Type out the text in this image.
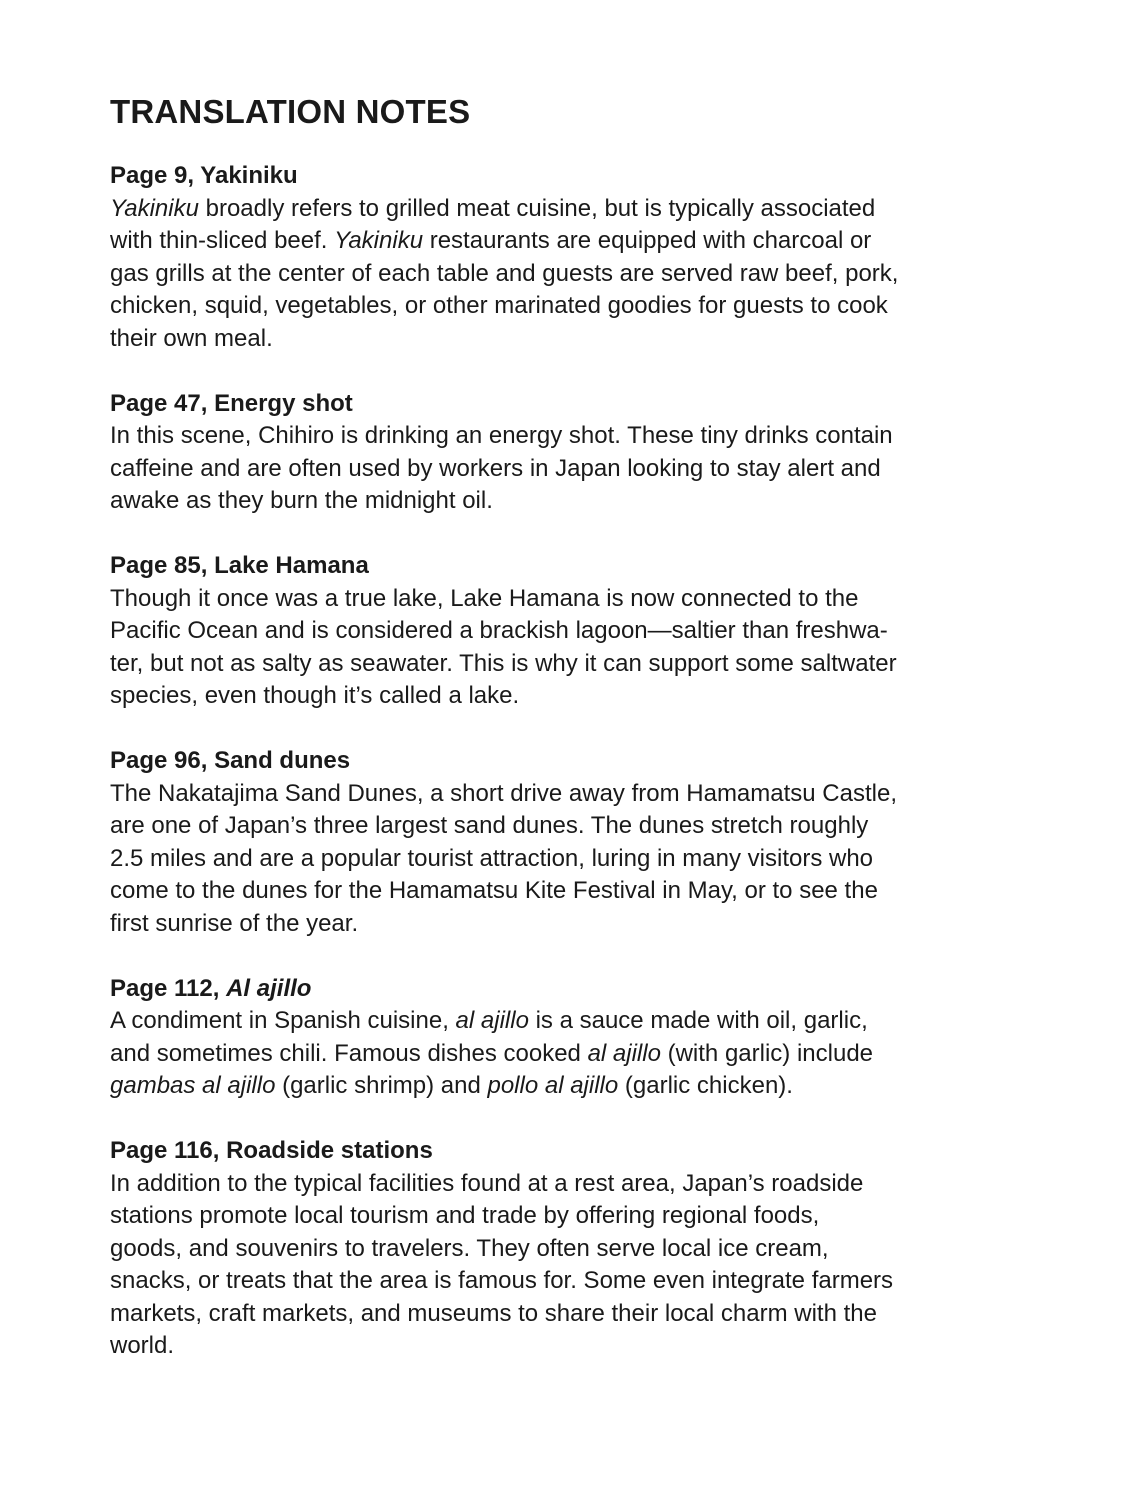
TRANSLATION NOTES
Page 9, Yakiniku

Yakiniku broadly refers to grilled meat cuisine, but is typically associated
with thin-sliced beef. Yakiniku restaurants are equipped with charcoal or
gas grills at the center of each table and guests are served raw beef, pork,
chicken, squid, vegetables, or other marinated goodies for guests to cook
their own meal.

Page 47, Energy shot

In this scene, Chihiro is drinking an energy shot. These tiny drinks contain
caffeine and are often used by workers in Japan looking to stay alert and
awake as they burn the midnight oil.

Page 85, Lake Hamana

Though it once was a true lake, Lake Hamana is now connected to the
Pacific Ocean and is considered a brackish lagoon—saltier than freshwa-
ter, but not as salty as seawater. This is why it can support some saltwater
species, even though it’s called a lake.

Page 96, Sand dunes

The Nakatajima Sand Dunes, a short drive away from Hamamatsu Castle,
are one of Japan’s three largest sand dunes. The dunes stretch roughly
2.5 miles and are a popular tourist attraction, luring in many visitors who
come to the dunes for the Hamamatsu Kite Festival in May, or to see the
first sunrise of the year.

Page 112, Al ajillo

A condiment in Spanish cuisine, al ajillo is a sauce made with oil, garlic,
and sometimes chili. Famous dishes cooked al ajillo (with garlic) include
gambas al ajillo (garlic shrimp) and pollo al ajillo (garlic chicken).

Page 116, Roadside stations

In addition to the typical facilities found at a rest area, Japan’s roadside
stations promote local tourism and trade by offering regional foods,
goods, and souvenirs to travelers. They often serve local ice cream,
snacks, or treats that the area is famous for. Some even integrate farmers
markets, craft markets, and museums to share their local charm with the
world.
